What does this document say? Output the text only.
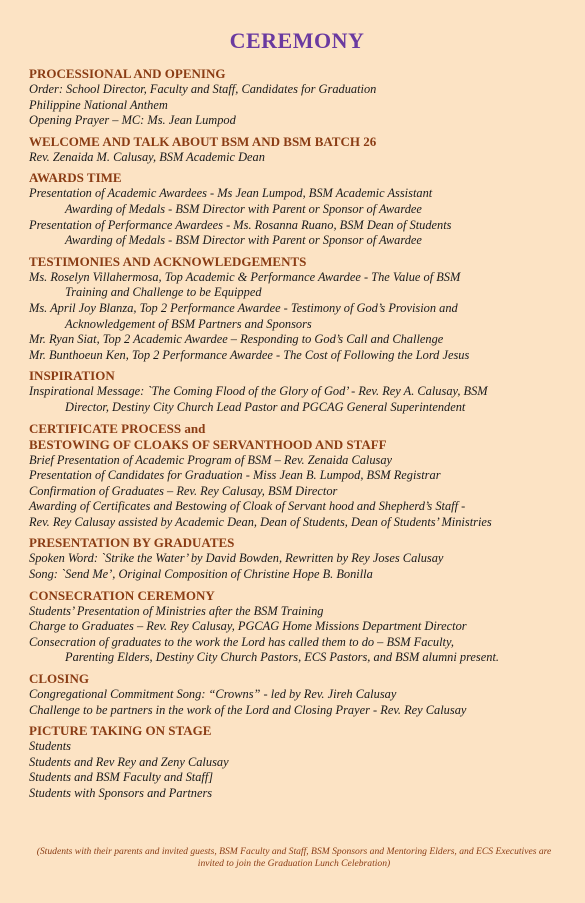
CEREMONY
PROCESSIONAL AND OPENING
Order: School Director, Faculty and Staff, Candidates for Graduation
Philippine National Anthem
Opening Prayer – MC: Ms. Jean Lumpod
WELCOME AND TALK ABOUT BSM AND BSM BATCH 26
Rev. Zenaida M. Calusay, BSM Academic Dean
AWARDS TIME
Presentation of Academic Awardees - Ms Jean Lumpod, BSM Academic Assistant
Awarding of Medals - BSM Director with Parent or Sponsor of Awardee
Presentation of Performance Awardees - Ms. Rosanna Ruano, BSM Dean of Students
Awarding of Medals - BSM Director with Parent or Sponsor of Awardee
TESTIMONIES AND ACKNOWLEDGEMENTS
Ms. Roselyn Villahermosa, Top Academic & Performance Awardee - The Value of BSM
Training and Challenge to be Equipped
Ms. April Joy Blanza, Top 2 Performance Awardee - Testimony of God’s Provision and
Acknowledgement of BSM Partners and Sponsors
Mr. Ryan Siat, Top 2 Academic Awardee – Responding to God’s Call and Challenge
Mr. Bunthoeun Ken, Top 2 Performance Awardee - The Cost of Following the Lord Jesus
INSPIRATION
Inspirational Message: `The Coming Flood of the Glory of God’ - Rev. Rey A. Calusay, BSM
Director, Destiny City Church Lead Pastor and PGCAG General Superintendent
CERTIFICATE PROCESS and
BESTOWING OF CLOAKS OF SERVANTHOOD AND STAFF
Brief Presentation of Academic Program of BSM – Rev. Zenaida Calusay
Presentation of Candidates for Graduation - Miss Jean B. Lumpod, BSM Registrar
Confirmation of Graduates – Rev. Rey Calusay, BSM Director
Awarding of Certificates and Bestowing of Cloak of Servant hood and Shepherd’s Staff -
Rev. Rey Calusay assisted by Academic Dean, Dean of Students, Dean of Students’ Ministries
PRESENTATION BY GRADUATES
Spoken Word: `Strike the Water’ by David Bowden, Rewritten by Rey Joses Calusay
Song: `Send Me’, Original Composition of Christine Hope B. Bonilla
CONSECRATION CEREMONY
Students’ Presentation of Ministries after the BSM Training
Charge to Graduates – Rev. Rey Calusay, PGCAG Home Missions Department Director
Consecration of graduates to the work the Lord has called them to do – BSM Faculty,
Parenting Elders, Destiny City Church Pastors, ECS Pastors, and BSM alumni present.
CLOSING
Congregational Commitment Song: “Crowns” - led by Rev. Jireh Calusay
Challenge to be partners in the work of the Lord and Closing Prayer - Rev. Rey Calusay
PICTURE TAKING ON STAGE
Students
Students and Rev Rey and Zeny Calusay
Students and BSM Faculty and Staff]
Students with Sponsors and Partners
(Students with their parents and invited guests, BSM Faculty and Staff, BSM Sponsors and Mentoring Elders, and ECS Executives are invited to join the Graduation Lunch Celebration)
